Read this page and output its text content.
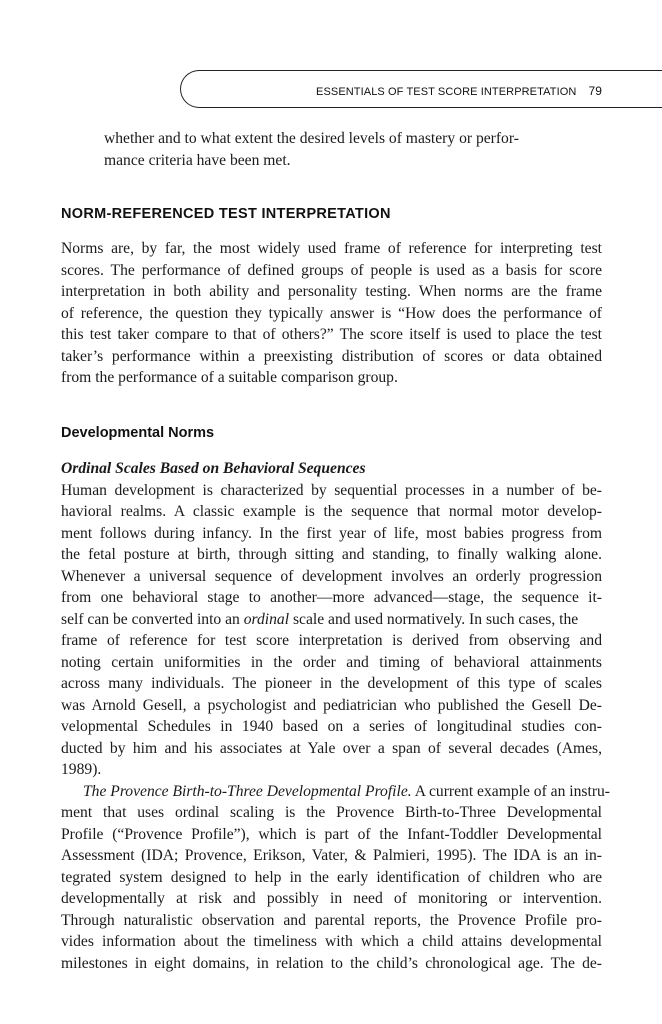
ESSENTIALS OF TEST SCORE INTERPRETATION 79
whether and to what extent the desired levels of mastery or perfor-
mance criteria have been met.
NORM-REFERENCED TEST INTERPRETATION
Norms are, by far, the most widely used frame of reference for interpreting test
scores. The performance of defined groups of people is used as a basis for score
interpretation in both ability and personality testing. When norms are the frame
of reference, the question they typically answer is “How does the performance of
this test taker compare to that of others?” The score itself is used to place the test
taker’s performance within a preexisting distribution of scores or data obtained
from the performance of a suitable comparison group.
Developmental Norms
Ordinal Scales Based on Behavioral Sequences
Human development is characterized by sequential processes in a number of be-
havioral realms. A classic example is the sequence that normal motor develop-
ment follows during infancy. In the first year of life, most babies progress from
the fetal posture at birth, through sitting and standing, to finally walking alone.
Whenever a universal sequence of development involves an orderly progression
from one behavioral stage to another—more advanced—stage, the sequence it-
self can be converted into an ordinal scale and used normatively. In such cases, the
frame of reference for test score interpretation is derived from observing and
noting certain uniformities in the order and timing of behavioral attainments
across many individuals. The pioneer in the development of this type of scales
was Arnold Gesell, a psychologist and pediatrician who published the Gesell De-
velopmental Schedules in 1940 based on a series of longitudinal studies con-
ducted by him and his associates at Yale over a span of several decades (Ames,
1989).
The Provence Birth-to-Three Developmental Profile. A current example of an instru-
ment that uses ordinal scaling is the Provence Birth-to-Three Developmental
Profile (“Provence Profile”), which is part of the Infant-Toddler Developmental
Assessment (IDA; Provence, Erikson, Vater, & Palmieri, 1995). The IDA is an in-
tegrated system designed to help in the early identification of children who are
developmentally at risk and possibly in need of monitoring or intervention.
Through naturalistic observation and parental reports, the Provence Profile pro-
vides information about the timeliness with which a child attains developmental
milestones in eight domains, in relation to the child’s chronological age. The de-
